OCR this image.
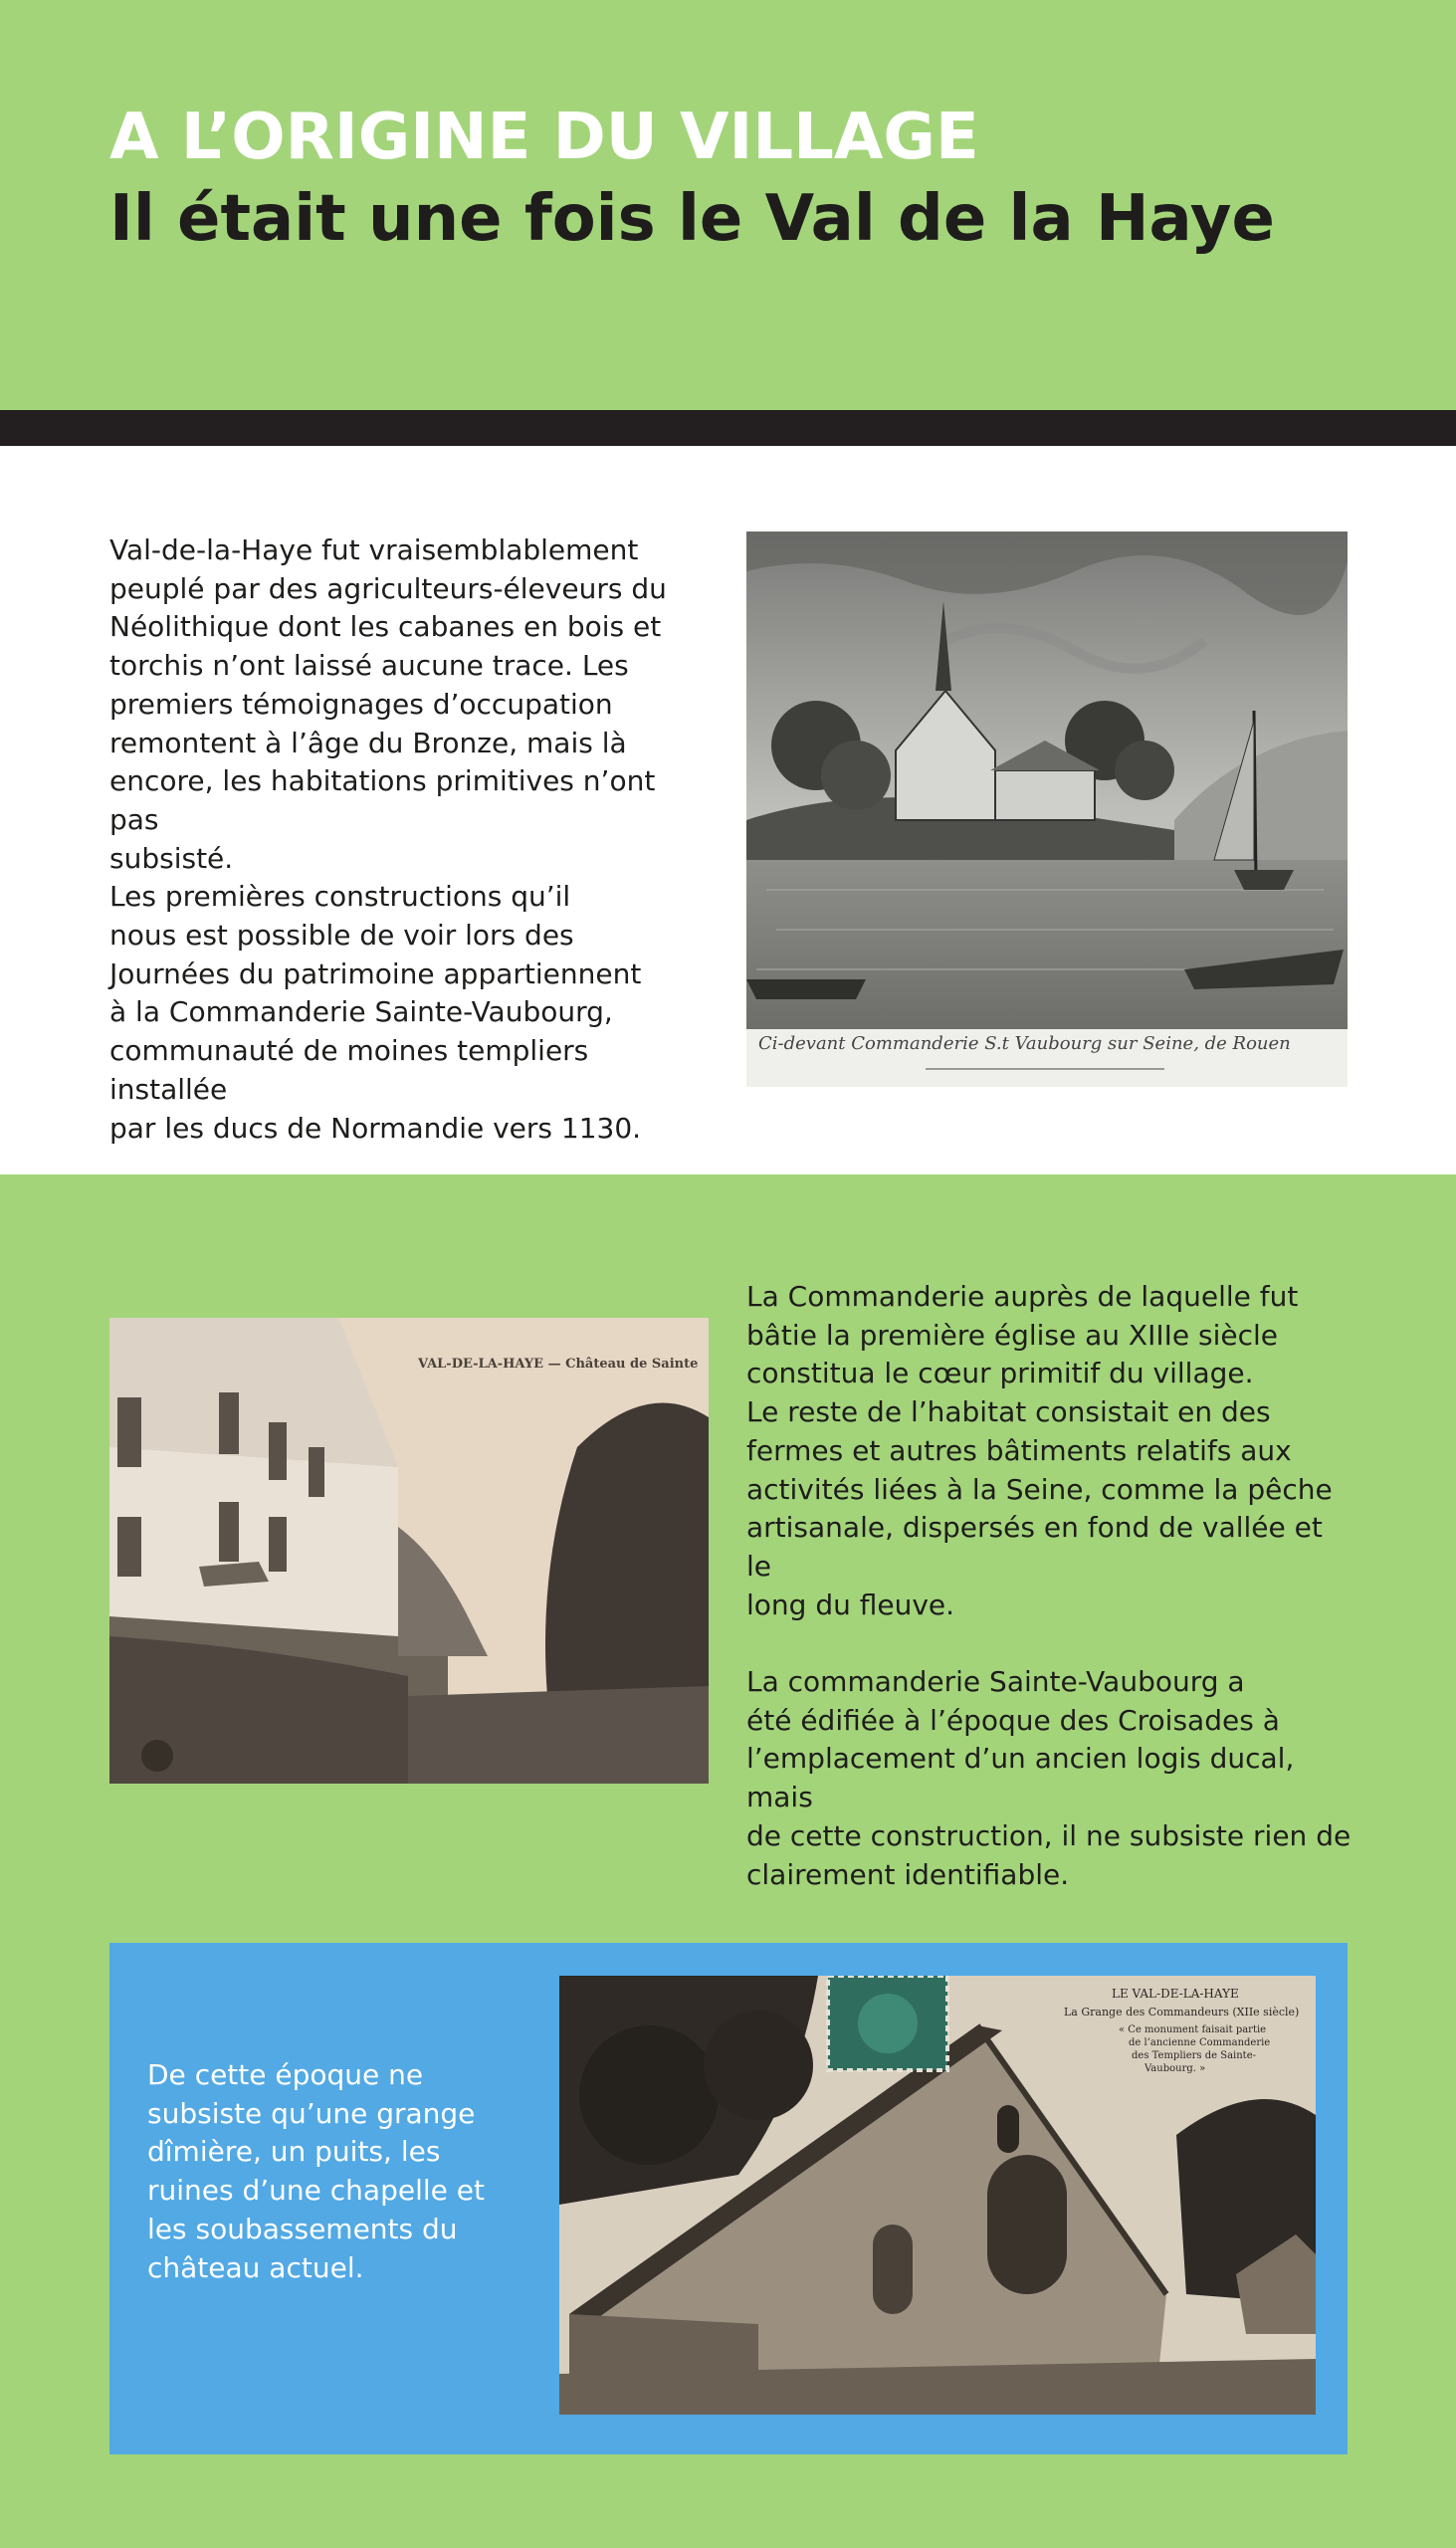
A L’ORIGINE DU VILLAGE
Il était une fois le Val de la Haye

Val-de-la-Haye fut vraisemblablement
peuplé par des agriculteurs-éleveurs du
Néolithique dont les cabanes en bois et
torchis n’ont laissé aucune trace. Les
premiers témoignages d’occupation
remontent à l’âge du Bronze, mais là
encore, les habitations primitives n’ont pas
subsisté.
Les premières constructions qu’il
nous est possible de voir lors des
Journées du patrimoine appartiennent
à la Commanderie Sainte-Vaubourg,
communauté de moines templiers installée
par les ducs de Normandie vers 1130.

Ci-devant Commanderie S.t Vaubourg sur Seine, de Rouen

La Commanderie auprès de laquelle fut
bâtie la première église au XIIIe siècle
constitua le cœur primitif du village.
Le reste de l’habitat consistait en des
fermes et autres bâtiments relatifs aux
activités liées à la Seine, comme la pêche
artisanale, dispersés en fond de vallée et le
long du fleuve.

La commanderie Sainte-Vaubourg a
été édifiée à l’époque des Croisades à
l’emplacement d’un ancien logis ducal, mais
de cette construction, il ne subsiste rien de
clairement identifiable.

VAL-DE-LA-HAYE — Château de Sainte

De cette époque ne
subsiste qu’une grange
dîmière, un puits, les
ruines d’une chapelle et
les soubassements du
château actuel.

LE VAL-DE-LA-HAYE
La Grange des Commandeurs (XIIe siècle)
« Ce monument faisait partie
de l’ancienne Commanderie
des Templiers de Sainte-
Vaubourg. »
